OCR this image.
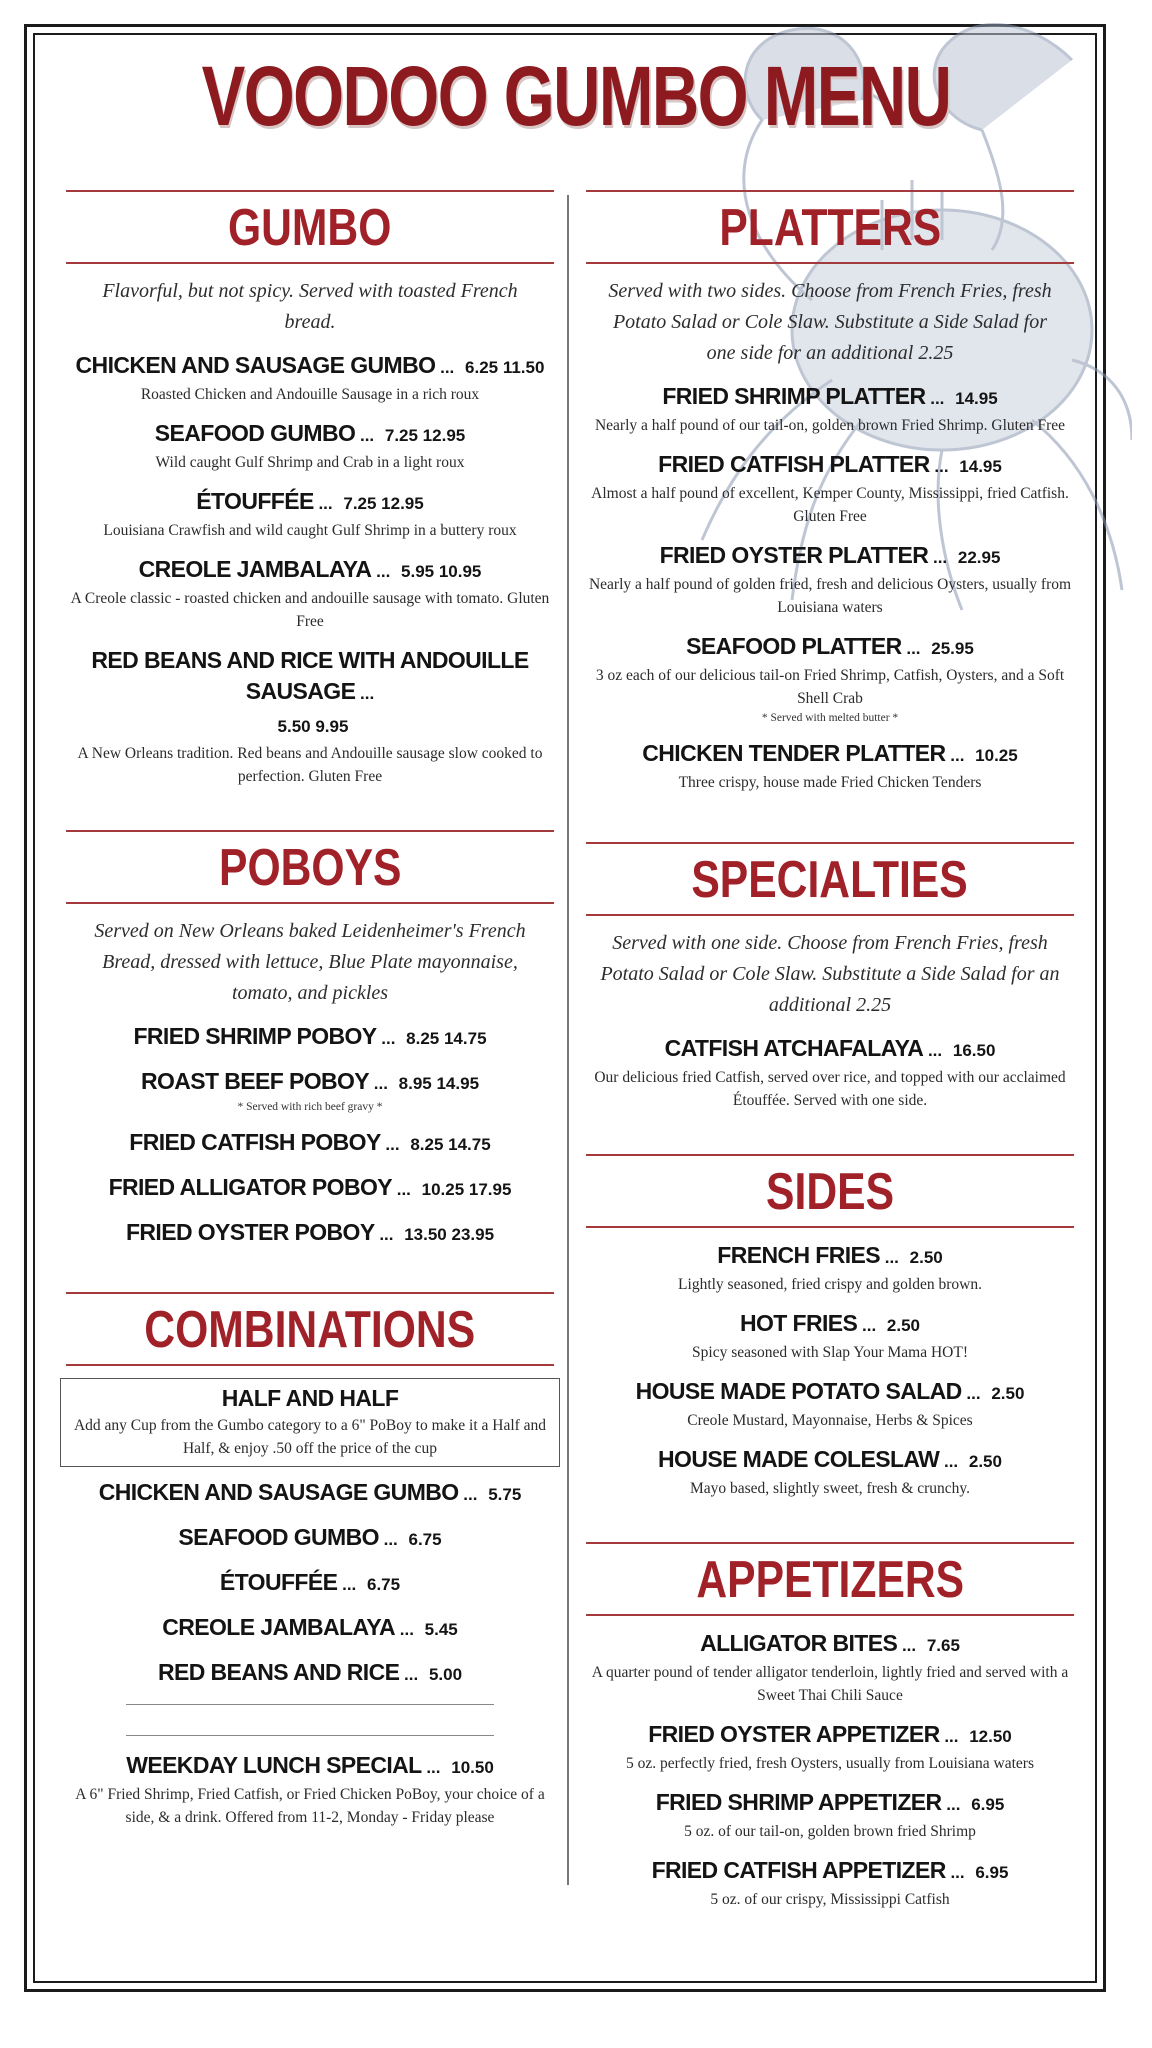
VOODOO GUMBO MENU
GUMBO
Flavorful, but not spicy. Served with toasted French bread.
CHICKEN AND SAUSAGE GUMBO ... 6.25 11.50
Roasted Chicken and Andouille Sausage in a rich roux
SEAFOOD GUMBO ... 7.25 12.95
Wild caught Gulf Shrimp and Crab in a light roux
ÉTOUFFÉE ... 7.25 12.95
Louisiana Crawfish and wild caught Gulf Shrimp in a buttery roux
CREOLE JAMBALAYA ... 5.95 10.95
A Creole classic - roasted chicken and andouille sausage with tomato. Gluten Free
RED BEANS AND RICE WITH ANDOUILLE SAUSAGE ...
5.50 9.95
A New Orleans tradition. Red beans and Andouille sausage slow cooked to perfection. Gluten Free
POBOYS
Served on New Orleans baked Leidenheimer's French Bread, dressed with lettuce, Blue Plate mayonnaise, tomato, and pickles
FRIED SHRIMP POBOY ... 8.25 14.75
ROAST BEEF POBOY ... 8.95 14.95
* Served with rich beef gravy *
FRIED CATFISH POBOY ... 8.25 14.75
FRIED ALLIGATOR POBOY ... 10.25 17.95
FRIED OYSTER POBOY ... 13.50 23.95
COMBINATIONS
HALF AND HALF
Add any Cup from the Gumbo category to a 6" PoBoy to make it a Half and Half, & enjoy .50 off the price of the cup
CHICKEN AND SAUSAGE GUMBO ... 5.75
SEAFOOD GUMBO ... 6.75
ÉTOUFFÉE ... 6.75
CREOLE JAMBALAYA ... 5.45
RED BEANS AND RICE ... 5.00
WEEKDAY LUNCH SPECIAL ... 10.50
A 6" Fried Shrimp, Fried Catfish, or Fried Chicken PoBoy, your choice of a side, & a drink. Offered from 11-2, Monday - Friday please
PLATTERS
Served with two sides. Choose from French Fries, fresh Potato Salad or Cole Slaw. Substitute a Side Salad for one side for an additional 2.25
FRIED SHRIMP PLATTER ... 14.95
Nearly a half pound of our tail-on, golden brown Fried Shrimp. Gluten Free
FRIED CATFISH PLATTER ... 14.95
Almost a half pound of excellent, Kemper County, Mississippi, fried Catfish. Gluten Free
FRIED OYSTER PLATTER ... 22.95
Nearly a half pound of golden fried, fresh and delicious Oysters, usually from Louisiana waters
SEAFOOD PLATTER ... 25.95
3 oz each of our delicious tail-on Fried Shrimp, Catfish, Oysters, and a Soft Shell Crab
* Served with melted butter *
CHICKEN TENDER PLATTER ... 10.25
Three crispy, house made Fried Chicken Tenders
SPECIALTIES
Served with one side. Choose from French Fries, fresh Potato Salad or Cole Slaw. Substitute a Side Salad for an additional 2.25
CATFISH ATCHAFALAYA ... 16.50
Our delicious fried Catfish, served over rice, and topped with our acclaimed Étouffée. Served with one side.
SIDES
FRENCH FRIES ... 2.50
Lightly seasoned, fried crispy and golden brown.
HOT FRIES ... 2.50
Spicy seasoned with Slap Your Mama HOT!
HOUSE MADE POTATO SALAD ... 2.50
Creole Mustard, Mayonnaise, Herbs & Spices
HOUSE MADE COLESLAW ... 2.50
Mayo based, slightly sweet, fresh & crunchy.
APPETIZERS
ALLIGATOR BITES ... 7.65
A quarter pound of tender alligator tenderloin, lightly fried and served with a Sweet Thai Chili Sauce
FRIED OYSTER APPETIZER ... 12.50
5 oz. perfectly fried, fresh Oysters, usually from Louisiana waters
FRIED SHRIMP APPETIZER ... 6.95
5 oz. of our tail-on, golden brown fried Shrimp
FRIED CATFISH APPETIZER ... 6.95
5 oz. of our crispy, Mississippi Catfish
